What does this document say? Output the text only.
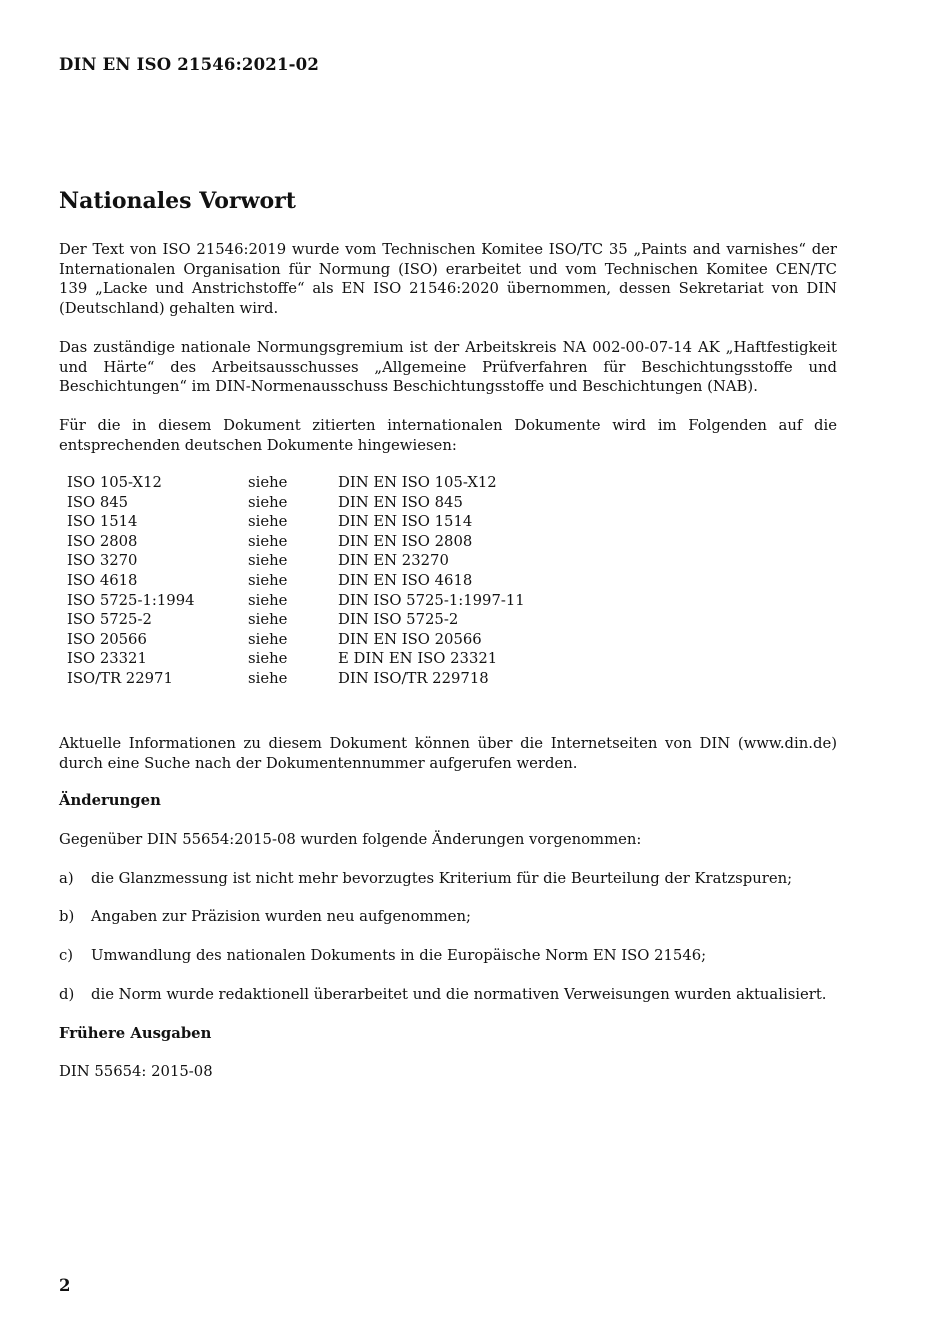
DIN EN ISO 21546:2021-02

Nationales Vorwort

Der Text von ISO 21546:2019 wurde vom Technischen Komitee ISO/TC 35 „Paints and varnishes“ der Internationalen Organisation für Normung (ISO) erarbeitet und vom Technischen Komitee CEN/TC 139 „Lacke und Anstrichstoffe“ als EN ISO 21546:2020 übernommen, dessen Sekretariat von DIN (Deutschland) gehalten wird.

Das zuständige nationale Normungsgremium ist der Arbeitskreis NA 002-00-07-14 AK „Haftfestigkeit und Härte“ des Arbeitsausschusses „Allgemeine Prüfverfahren für Beschichtungsstoffe und Beschichtungen“ im DIN-Normenausschuss Beschichtungsstoffe und Beschichtungen (NAB).

Für die in diesem Dokument zitierten internationalen Dokumente wird im Folgenden auf die entsprechenden deutschen Dokumente hingewiesen:

ISO 105-X12	siehe	DIN EN ISO 105-X12
ISO 845	siehe	DIN EN ISO 845
ISO 1514	siehe	DIN EN ISO 1514
ISO 2808	siehe	DIN EN ISO 2808
ISO 3270	siehe	DIN EN 23270
ISO 4618	siehe	DIN EN ISO 4618
ISO 5725-1:1994	siehe	DIN ISO 5725-1:1997-11
ISO 5725-2	siehe	DIN ISO 5725-2
ISO 20566	siehe	DIN EN ISO 20566
ISO 23321	siehe	E DIN EN ISO 23321
ISO/TR 22971	siehe	DIN ISO/TR 229718

Aktuelle Informationen zu diesem Dokument können über die Internetseiten von DIN (www.din.de) durch eine Suche nach der Dokumentennummer aufgerufen werden.

Änderungen

Gegenüber DIN 55654:2015-08 wurden folgende Änderungen vorgenommen:

a) die Glanzmessung ist nicht mehr bevorzugtes Kriterium für die Beurteilung der Kratzspuren;
b) Angaben zur Präzision wurden neu aufgenommen;
c) Umwandlung des nationalen Dokuments in die Europäische Norm EN ISO 21546;
d) die Norm wurde redaktionell überarbeitet und die normativen Verweisungen wurden aktualisiert.
Frühere Ausgaben

DIN 55654: 2015-08

2
